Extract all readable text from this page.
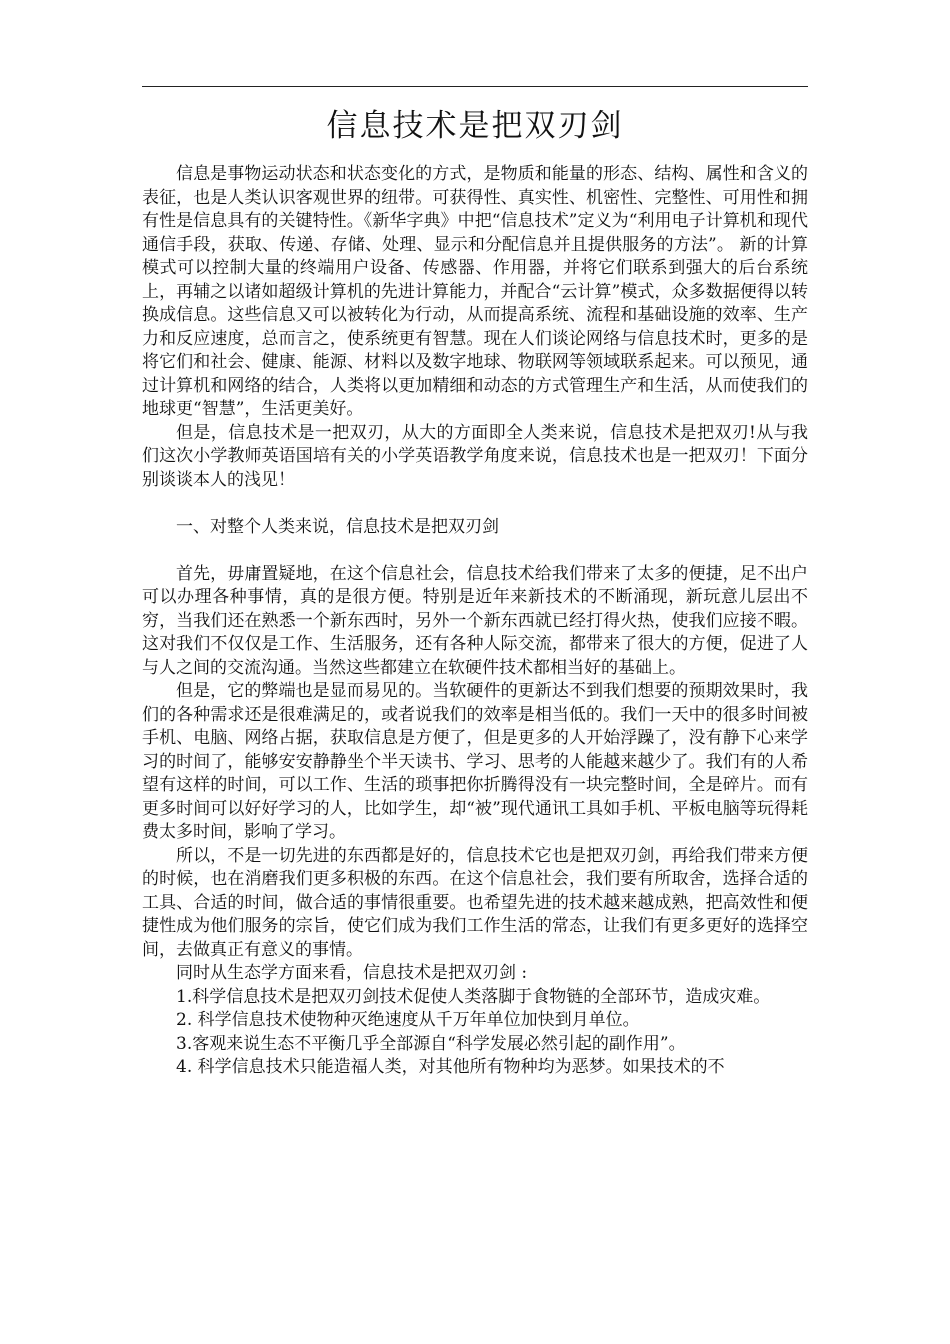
信息技术是把双刃剑

信息是事物运动状态和状态变化的方式，是物质和能量的形态、结构、属性和含义的表征，也是人类认识客观世界的纽带。可获得性、真实性、机密性、完整性、可用性和拥有性是信息具有的关键特性。《新华字典》中把“信息技术”定义为“利用电子计算机和现代通信手段，获取、传递、存储、处理、显示和分配信息并且提供服务的方法”。 新的计算模式可以控制大量的终端用户设备、传感器、作用器，并将它们联系到强大的后台系统上，再辅之以诸如超级计算机的先进计算能力，并配合“云计算”模式，众多数据便得以转换成信息。这些信息又可以被转化为行动，从而提高系统、流程和基础设施的效率、生产力和反应速度，总而言之，使系统更有智慧。现在人们谈论网络与信息技术时，更多的是将它们和社会、健康、能源、材料以及数字地球、物联网等领域联系起来。可以预见，通过计算机和网络的结合，人类将以更加精细和动态的方式管理生产和生活，从而使我们的地球更“智慧”，生活更美好。

但是，信息技术是一把双刃，从大的方面即全人类来说，信息技术是把双刃!从与我们这次小学教师英语国培有关的小学英语教学角度来说，信息技术也是一把双刃！下面分别谈谈本人的浅见！

一、对整个人类来说，信息技术是把双刃剑

首先，毋庸置疑地，在这个信息社会，信息技术给我们带来了太多的便捷，足不出户可以办理各种事情，真的是很方便。特别是近年来新技术的不断涌现，新玩意儿层出不穷，当我们还在熟悉一个新东西时，另外一个新东西就已经打得火热，使我们应接不暇。这对我们不仅仅是工作、生活服务，还有各种人际交流，都带来了很大的方便，促进了人与人之间的交流沟通。当然这些都建立在软硬件技术都相当好的基础上。

但是，它的弊端也是显而易见的。当软硬件的更新达不到我们想要的预期效果时，我们的各种需求还是很难满足的，或者说我们的效率是相当低的。我们一天中的很多时间被手机、电脑、网络占据，获取信息是方便了，但是更多的人开始浮躁了，没有静下心来学习的时间了，能够安安静静坐个半天读书、学习、思考的人能越来越少了。我们有的人希望有这样的时间，可以工作、生活的琐事把你折腾得没有一块完整时间，全是碎片。而有更多时间可以好好学习的人，比如学生，却“被”现代通讯工具如手机、平板电脑等玩得耗费太多时间，影响了学习。

所以，不是一切先进的东西都是好的，信息技术它也是把双刃剑，再给我们带来方便的时候，也在消磨我们更多积极的东西。在这个信息社会，我们要有所取舍，选择合适的工具、合适的时间，做合适的事情很重要。也希望先进的技术越来越成熟，把高效性和便捷性成为他们服务的宗旨，使它们成为我们工作生活的常态，让我们有更多更好的选择空间，去做真正有意义的事情。

同时从生态学方面来看，信息技术是把双刃剑 :

1.科学信息技术是把双刃剑技术促使人类落脚于食物链的全部环节，造成灾难。

2. 科学信息技术使物种灭绝速度从千万年单位加快到月单位。

3.客观来说生态不平衡几乎全部源自“科学发展必然引起的副作用”。

4. 科学信息技术只能造福人类，对其他所有物种均为恶梦。如果技术的不
